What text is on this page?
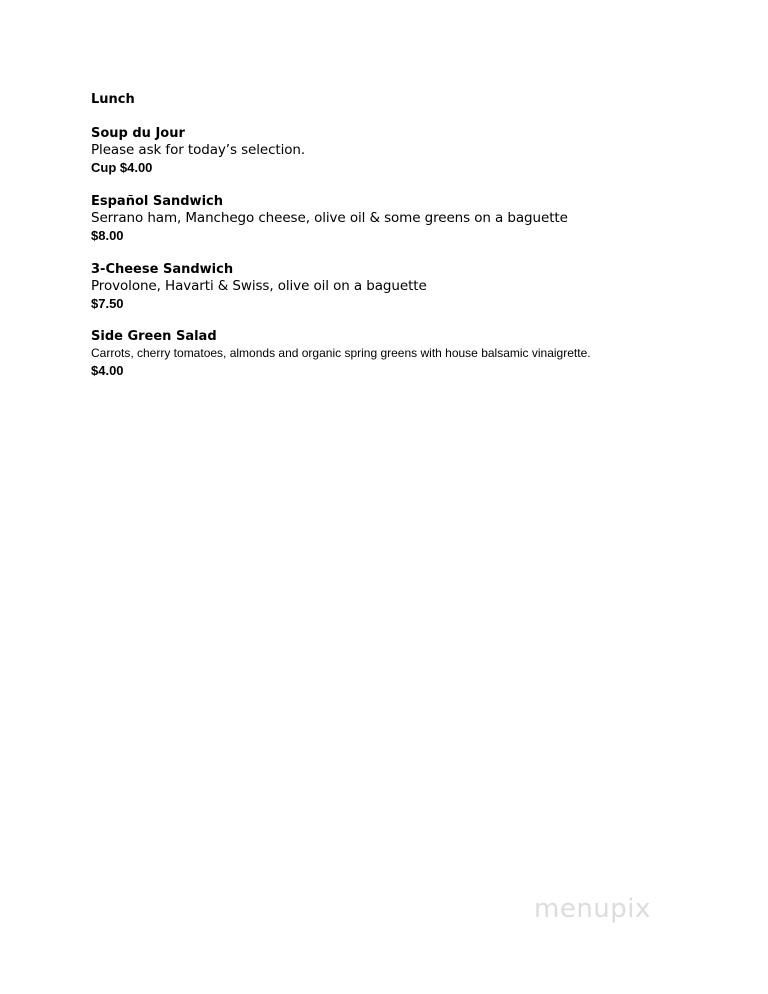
Lunch
Soup du Jour
Please ask for today’s selection.
Cup $4.00
Español Sandwich
Serrano ham, Manchego cheese, olive oil & some greens on a baguette
$8.00
3-Cheese Sandwich
Provolone, Havarti & Swiss, olive oil on a baguette
$7.50
Side Green Salad
Carrots, cherry tomatoes, almonds and organic spring greens with house balsamic vinaigrette.
$4.00
menupix
